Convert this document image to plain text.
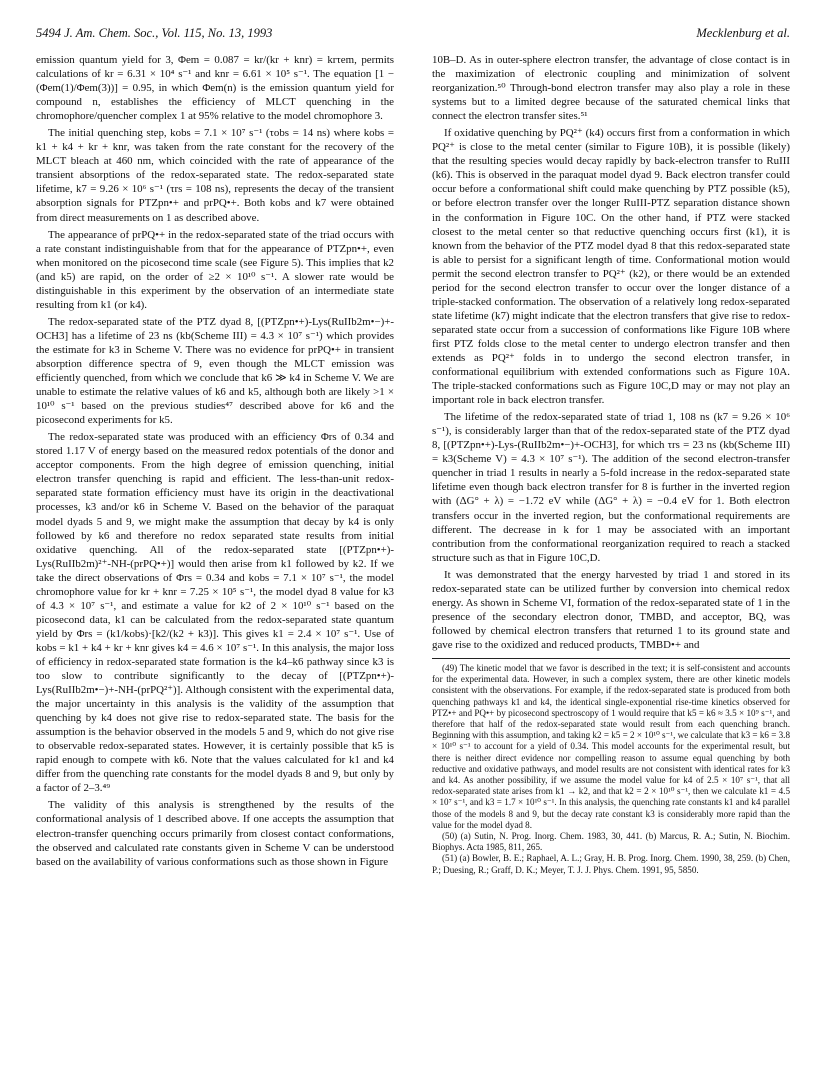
5494 J. Am. Chem. Soc., Vol. 115, No. 13, 1993	Mecklenburg et al.

emission quantum yield for 3, Φem = 0.087 = kr/(kr + knr) = krτem, permits calculations of kr = 6.31 × 10⁴ s⁻¹ and knr = 6.61 × 10⁵ s⁻¹. The equation [1 − (Φem(1)/Φem(3))] = 0.95, in which Φem(n) is the emission quantum yield for compound n, establishes the efficiency of MLCT quenching in the chromophore/quencher complex 1 at 95% relative to the model chromophore 3.

The initial quenching step, kobs = 7.1 × 10⁷ s⁻¹ (τobs = 14 ns) where kobs = k1 + k4 + kr + knr, was taken from the rate constant for the recovery of the MLCT bleach at 460 nm, which coincided with the rate of appearance of the transient absorptions of the redox-separated state. The redox-separated state lifetime, k7 = 9.26 × 10⁶ s⁻¹ (τrs = 108 ns), represents the decay of the transient absorption signals for PTZpn•+ and prPQ•+. Both kobs and k7 were obtained from direct measurements on 1 as described above.

The appearance of prPQ•+ in the redox-separated state of the triad occurs with a rate constant indistinguishable from that for the appearance of PTZpn•+, even when monitored on the picosecond time scale (see Figure 5). This implies that k2 (and k5) are rapid, on the order of ≥2 × 10¹⁰ s⁻¹. A slower rate would be distinguishable in this experiment by the observation of an intermediate state resulting from k1 (or k4).

The redox-separated state of the PTZ dyad 8, [(PTZpn•+)-Lys(RuIIb2m•−)+-OCH3] has a lifetime of 23 ns (kb(Scheme III) = 4.3 × 10⁷ s⁻¹) which provides the estimate for k3 in Scheme V. There was no evidence for prPQ•+ in transient absorption difference spectra of 9, even though the MLCT emission was efficiently quenched, from which we conclude that k6 ≫ k4 in Scheme V. We are unable to estimate the relative values of k6 and k5, although both are likely >1 × 10¹⁰ s⁻¹ based on the previous studies⁴⁷ described above for k6 and the picosecond experiments for k5.

The redox-separated state was produced with an efficiency Φrs of 0.34 and stored 1.17 V of energy based on the measured redox potentials of the donor and acceptor components. From the high degree of emission quenching, initial electron transfer quenching is rapid and efficient. The less-than-unit redox-separated state formation efficiency must have its origin in the deactivational processes, k3 and/or k6 in Scheme V. Based on the behavior of the paraquat model dyads 5 and 9, we might make the assumption that decay by k4 is only followed by k6 and therefore no redox separated state results from initial oxidative quenching. All of the redox-separated state [(PTZpn•+)-Lys(RuIIb2m)²⁺-NH-(prPQ•+)] would then arise from k1 followed by k2. If we take the direct observations of Φrs = 0.34 and kobs = 7.1 × 10⁷ s⁻¹, the model chromophore value for kr + knr = 7.25 × 10⁵ s⁻¹, the model dyad 8 value for k3 of 4.3 × 10⁷ s⁻¹, and estimate a value for k2 of 2 × 10¹⁰ s⁻¹ based on the picosecond data, k1 can be calculated from the redox-separated state quantum yield by Φrs = (k1/kobs)·[k2/(k2 + k3)]. This gives k1 = 2.4 × 10⁷ s⁻¹. Use of kobs = k1 + k4 + kr + knr gives k4 = 4.6 × 10⁷ s⁻¹. In this analysis, the major loss of efficiency in redox-separated state formation is the k4–k6 pathway since k3 is too slow to contribute significantly to the decay of [(PTZpn•+)-Lys(RuIIb2m•−)+-NH-(prPQ²⁺)]. Although consistent with the experimental data, the major uncertainty in this analysis is the validity of the assumption that quenching by k4 does not give rise to redox-separated state. The basis for the assumption is the behavior observed in the models 5 and 9, which do not give rise to observable redox-separated states. However, it is certainly possible that k5 is rapid enough to compete with k6. Note that the values calculated for k1 and k4 differ from the quenching rate constants for the model dyads 8 and 9, but only by a factor of 2–3.⁴⁹

The validity of this analysis is strengthened by the results of the conformational analysis of 1 described above. If one accepts the assumption that electron-transfer quenching occurs primarily from closest contact conformations, the observed and calculated rate constants given in Scheme V can be understood based on the availability of various conformations such as those shown in Figure

10B–D. As in outer-sphere electron transfer, the advantage of close contact is in the maximization of electronic coupling and minimization of solvent reorganization.⁵⁰ Through-bond electron transfer may also play a role in these systems but to a limited degree because of the saturated chemical links that connect the electron transfer sites.⁵¹

If oxidative quenching by PQ²⁺ (k4) occurs first from a conformation in which PQ²⁺ is close to the metal center (similar to Figure 10B), it is possible (likely) that the resulting species would decay rapidly by back-electron transfer to RuIII (k6). This is observed in the paraquat model dyad 9. Back electron transfer could occur before a conformational shift could make quenching by PTZ possible (k5), or before electron transfer over the longer RuIII-PTZ separation distance shown in the conformation in Figure 10C. On the other hand, if PTZ were stacked closest to the metal center so that reductive quenching occurs first (k1), it is known from the behavior of the PTZ model dyad 8 that this redox-separated state is able to persist for a significant length of time. Conformational motion would permit the second electron transfer to PQ²⁺ (k2), or there would be an extended period for the second electron transfer to occur over the longer distance of a triple-stacked conformation. The observation of a relatively long redox-separated state lifetime (k7) might indicate that the electron transfers that give rise to redox-separated state occur from a succession of conformations like Figure 10B where first PTZ folds close to the metal center to undergo electron transfer and then extends as PQ²⁺ folds in to undergo the second electron transfer, in conformational equilibrium with extended conformations such as Figure 10A. The triple-stacked conformations such as Figure 10C,D may or may not play an important role in back electron transfer.

The lifetime of the redox-separated state of triad 1, 108 ns (k7 = 9.26 × 10⁶ s⁻¹), is considerably larger than that of the redox-separated state of the PTZ dyad 8, [(PTZpn•+)-Lys-(RuIIb2m•−)+-OCH3], for which τrs = 23 ns (kb(Scheme III) = k3(Scheme V) = 4.3 × 10⁷ s⁻¹). The addition of the second electron-transfer quencher in triad 1 results in nearly a 5-fold increase in the redox-separated state lifetime even though back electron transfer for 8 is further in the inverted region with (ΔG° + λ) = −1.72 eV while (ΔG° + λ) = −0.4 eV for 1. Both electron transfers occur in the inverted region, but the conformational requirements are different. The decrease in k for 1 may be associated with an important contribution from the conformational reorganization required to reach a stacked structure such as that in Figure 10C,D.

It was demonstrated that the energy harvested by triad 1 and stored in its redox-separated state can be utilized further by conversion into chemical redox energy. As shown in Scheme VI, formation of the redox-separated state of 1 in the presence of the secondary electron donor, TMBD, and acceptor, BQ, was followed by chemical electron transfers that returned 1 to its ground state and gave rise to the oxidized and reduced products, TMBD•+ and

(49) The kinetic model that we favor is described in the text; it is self-consistent and accounts for the experimental data. However, in such a complex system, there are other kinetic models consistent with the observations. For example, if the redox-separated state is produced from both quenching pathways k1 and k4, the identical single-exponential rise-time kinetics observed for PTZ•+ and PQ•+ by picosecond spectroscopy of 1 would require that k5 = k6 ≈ 3.5 × 10⁹ s⁻¹, and therefore that half of the redox-separated state would result from each quenching branch. Beginning with this assumption, and taking k2 = k5 = 2 × 10¹⁰ s⁻¹, we calculate that k3 = k6 = 3.8 × 10¹⁰ s⁻¹ to account for a yield of 0.34. This model accounts for the experimental result, but there is neither direct evidence nor compelling reason to assume equal quenching by both reductive and oxidative pathways, and model results are not consistent with identical rates for k3 and k4. As another possibility, if we assume the model value for k4 of 2.5 × 10⁷ s⁻¹, that all redox-separated state arises from k1 → k2, and that k2 = 2 × 10¹⁰ s⁻¹, then we calculate k1 = 4.5 × 10⁷ s⁻¹, and k3 = 1.7 × 10¹⁰ s⁻¹. In this analysis, the quenching rate constants k1 and k4 parallel those of the models 8 and 9, but the decay rate constant k3 is considerably more rapid than the value for the model dyad 8.

(50) (a) Sutin, N. Prog. Inorg. Chem. 1983, 30, 441. (b) Marcus, R. A.; Sutin, N. Biochim. Biophys. Acta 1985, 811, 265.

(51) (a) Bowler, B. E.; Raphael, A. L.; Gray, H. B. Prog. Inorg. Chem. 1990, 38, 259. (b) Chen, P.; Duesing, R.; Graff, D. K.; Meyer, T. J. J. Phys. Chem. 1991, 95, 5850.
